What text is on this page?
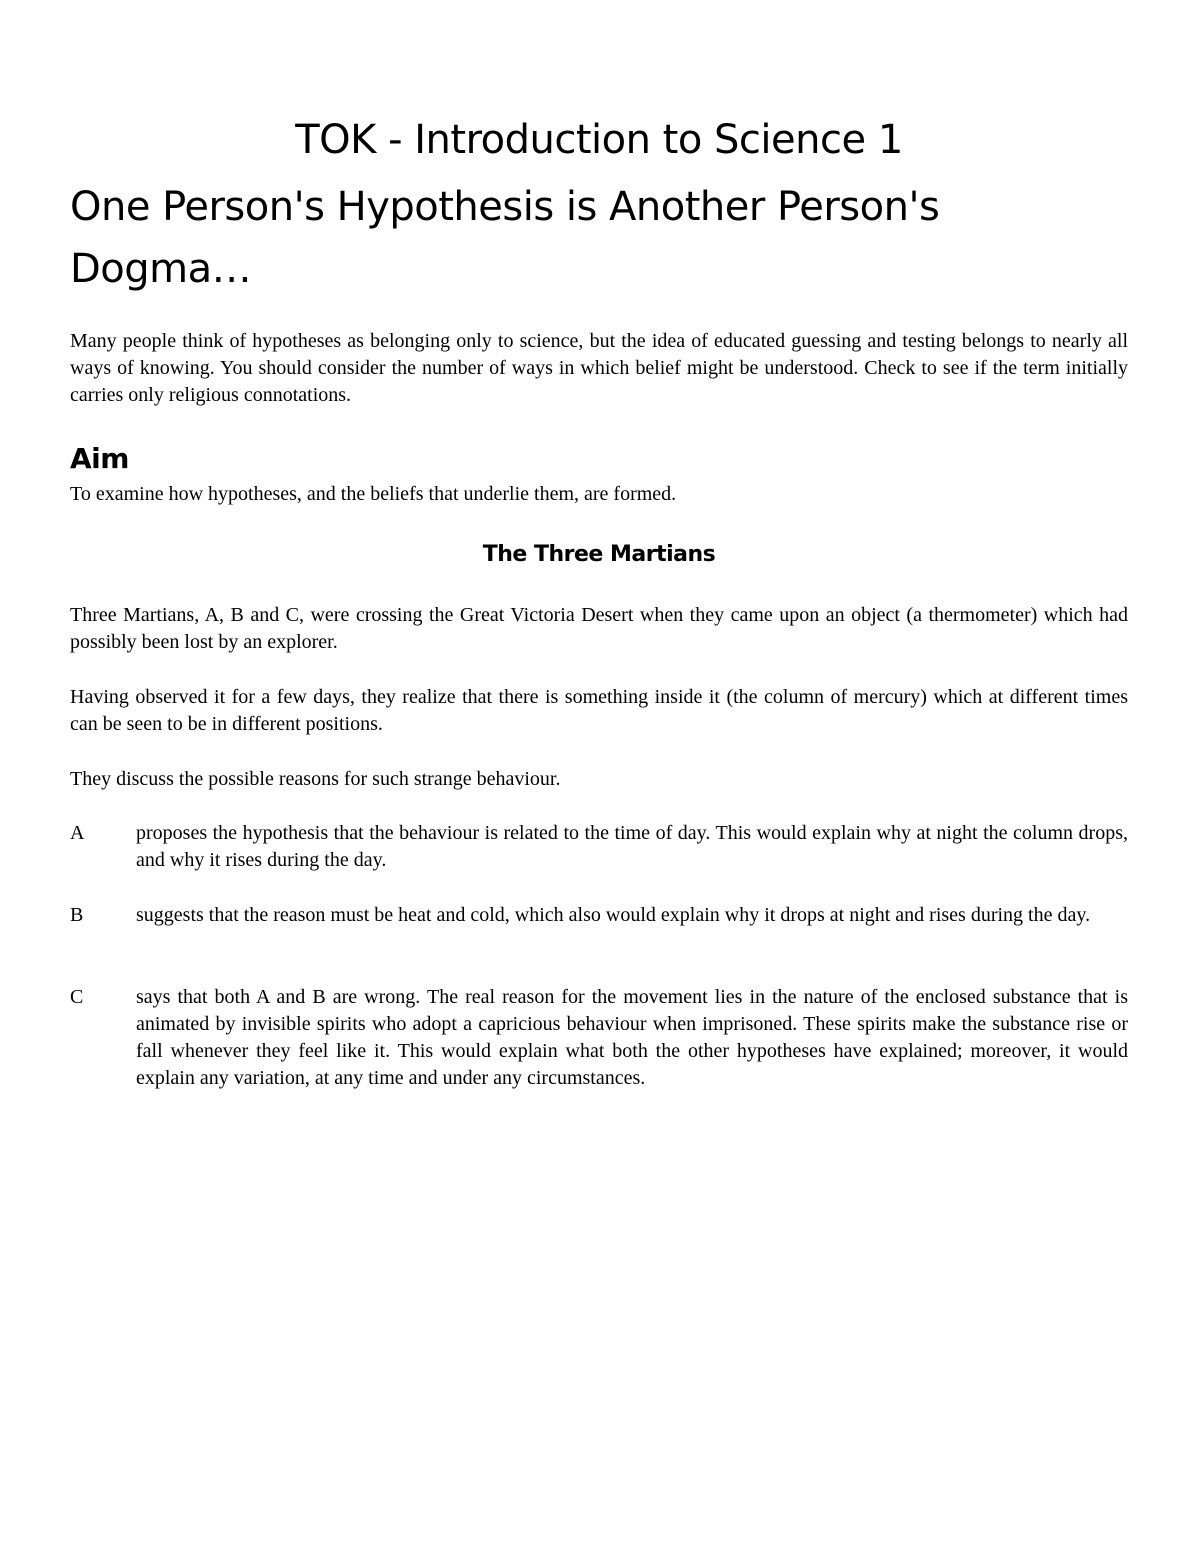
TOK - Introduction to Science 1
One Person's Hypothesis is Another Person's Dogma…

Many people think of hypotheses as belonging only to science, but the idea of educated guessing and testing belongs to nearly all ways of knowing. You should consider the number of ways in which belief might be understood. Check to see if the term initially carries only religious connotations.

Aim

To examine how hypotheses, and the beliefs that underlie them, are formed.

The Three Martians

Three Martians, A, B and C, were crossing the Great Victoria Desert when they came upon an object (a thermometer) which had possibly been lost by an explorer.

Having observed it for a few days, they realize that there is something inside it (the column of mercury) which at different times can be seen to be in different positions.

They discuss the possible reasons for such strange behaviour.

A	proposes the hypothesis that the behaviour is related to the time of day. This would explain why at night the column drops, and why it rises during the day.
B	suggests that the reason must be heat and cold, which also would explain why it drops at night and rises during the day.
C	says that both A and B are wrong. The real reason for the movement lies in the nature of the enclosed substance that is animated by invisible spirits who adopt a capricious behaviour when imprisoned. These spirits make the substance rise or fall whenever they feel like it. This would explain what both the other hypotheses have explained; moreover, it would explain any variation, at any time and under any circumstances.
